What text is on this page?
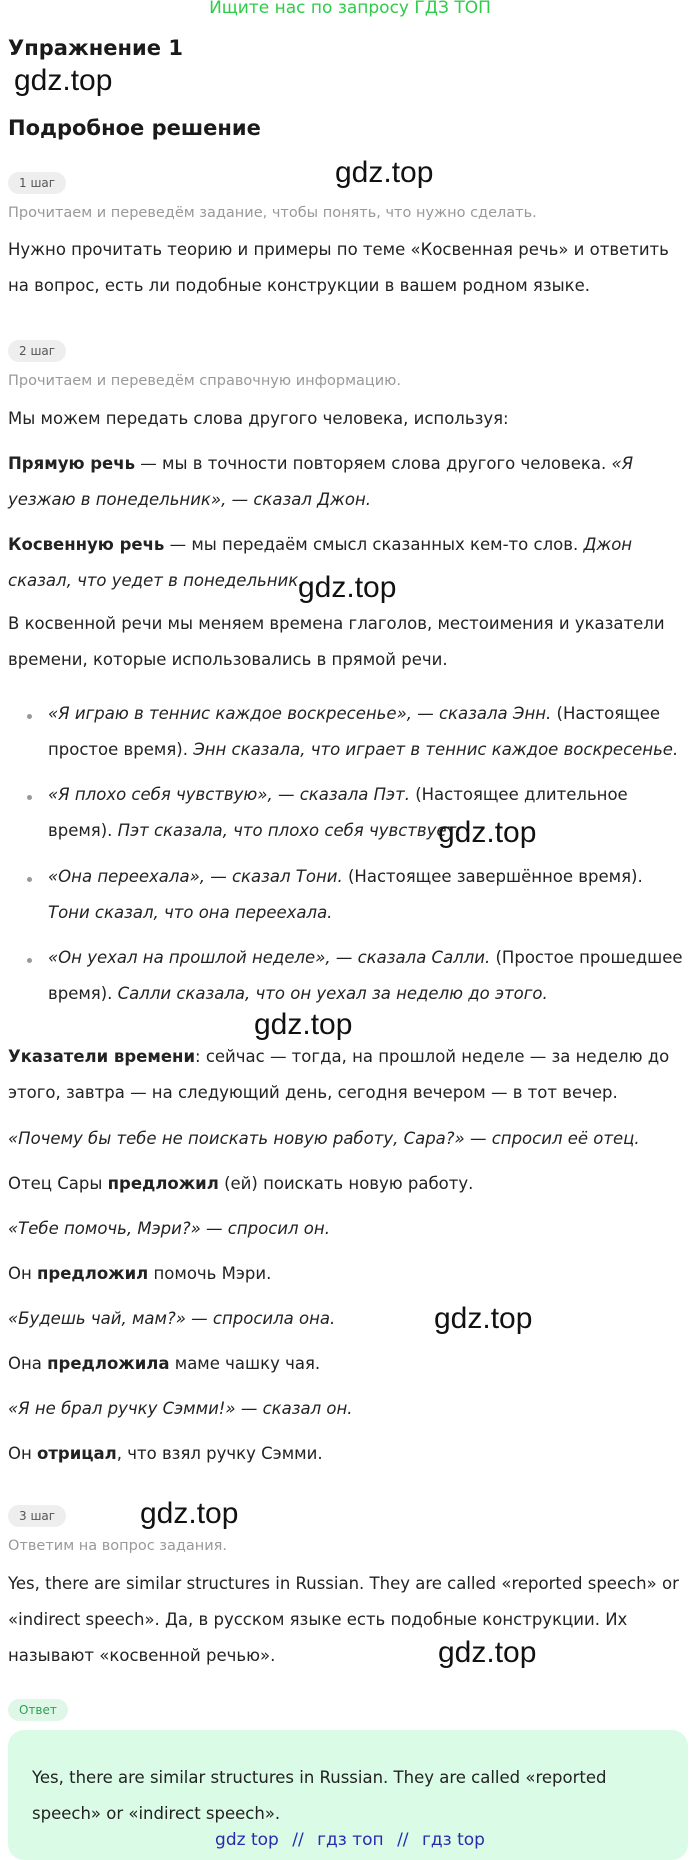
Ищите нас по запросу ГДЗ ТОП
Упражнение 1
gdz.top
Подробное решение
1 шаг	gdz.top
Прочитаем и переведём задание, чтобы понять, что нужно сделать.
Нужно прочитать теорию и примеры по теме «Косвенная речь» и ответить на вопрос, есть ли подобные конструкции в вашем родном языке.
2 шаг
Прочитаем и переведём справочную информацию.
Мы можем передать слова другого человека, используя:
Прямую речь — мы в точности повторяем слова другого человека. «Я уезжаю в понедельник», — сказал Джон.
Косвенную речь — мы передаём смысл сказанных кем-то слов. Джон сказал, что уедет в понедельник.
gdz.top
В косвенной речи мы меняем времена глаголов, местоимения и указатели времени, которые использовались в прямой речи.
«Я играю в теннис каждое воскресенье», — сказала Энн. (Настоящее простое время). Энн сказала, что играет в теннис каждое воскресенье.
«Я плохо себя чувствую», — сказала Пэт. (Настоящее длительное время). Пэт сказала, что плохо себя чувствует.
«Она переехала», — сказал Тони. (Настоящее завершённое время). Тони сказал, что она переехала.
«Он уехал на прошлой неделе», — сказала Салли. (Простое прошедшее время). Салли сказала, что он уехал за неделю до этого.
gdz.top
gdz.top
Указатели времени: сейчас — тогда, на прошлой неделе — за неделю до этого, завтра — на следующий день, сегодня вечером — в тот вечер.
«Почему бы тебе не поискать новую работу, Сара?» — спросил её отец.
Отец Сары предложил (ей) поискать новую работу.
«Тебе помочь, Мэри?» — спросил он.
Он предложил помочь Мэри.
«Будешь чай, мам?» — спросила она.	gdz.top
Она предложила маме чашку чая.
«Я не брал ручку Сэмми!» — сказал он.
Он отрицал, что взял ручку Сэмми.
3 шаг	gdz.top
Ответим на вопрос задания.
Yes, there are similar structures in Russian. They are called «reported speech» or «indirect speech». Да, в русском языке есть подобные конструкции. Их называют «косвенной речью».	gdz.top
Ответ
Yes, there are similar structures in Russian. They are called «reported speech» or «indirect speech».
gdz top // гдз топ // гдз top
